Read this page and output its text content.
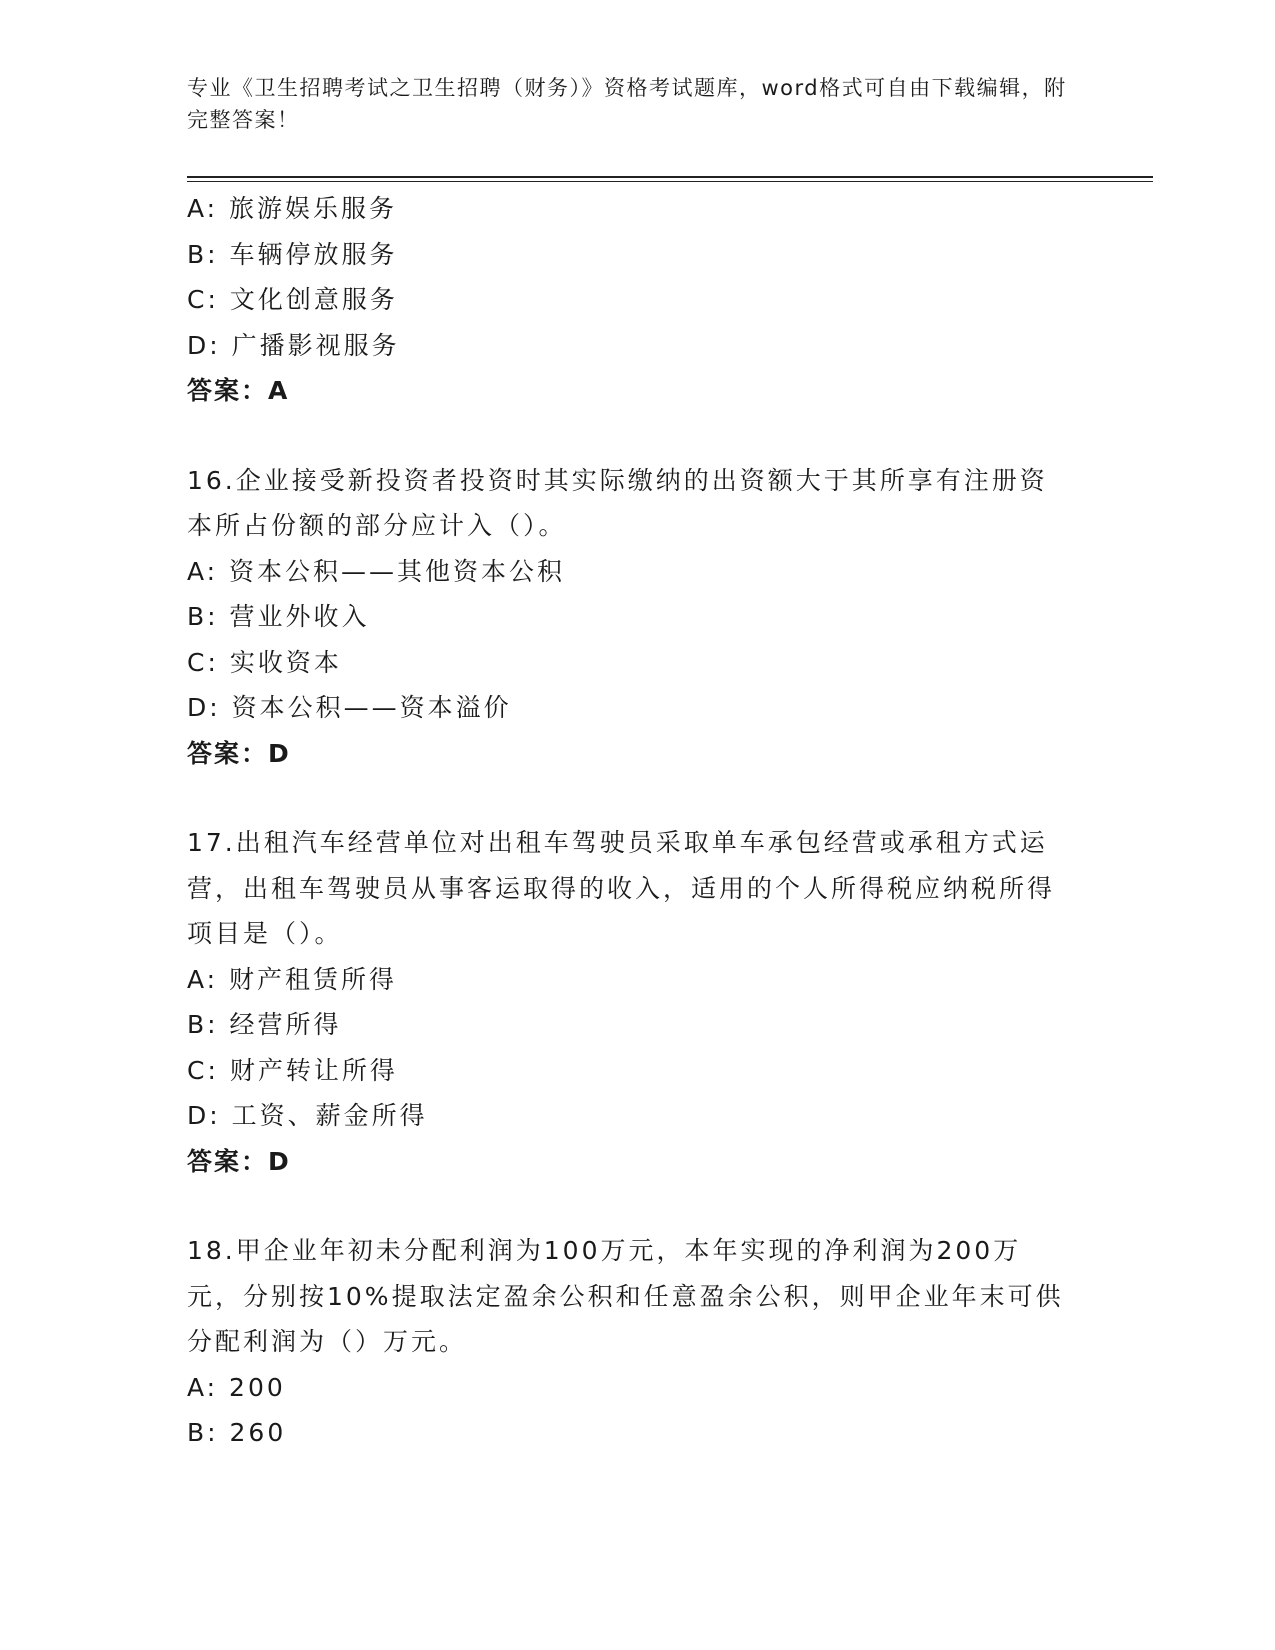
专业《卫生招聘考试之卫生招聘（财务）》资格考试题库，word格式可自由下载编辑，附完整答案！
A: 旅游娱乐服务
B: 车辆停放服务
C: 文化创意服务
D: 广播影视服务
答案：A
16.企业接受新投资者投资时其实际缴纳的出资额大于其所享有注册资本所占份额的部分应计入（）。
A: 资本公积——其他资本公积
B: 营业外收入
C: 实收资本
D: 资本公积——资本溢价
答案：D
17.出租汽车经营单位对出租车驾驶员采取单车承包经营或承租方式运营，出租车驾驶员从事客运取得的收入，适用的个人所得税应纳税所得项目是（）。
A: 财产租赁所得
B: 经营所得
C: 财产转让所得
D: 工资、薪金所得
答案：D
18.甲企业年初未分配利润为100万元，本年实现的净利润为200万元，分别按10%提取法定盈余公积和任意盈余公积，则甲企业年末可供分配利润为（）万元。
A: 200
B: 260
